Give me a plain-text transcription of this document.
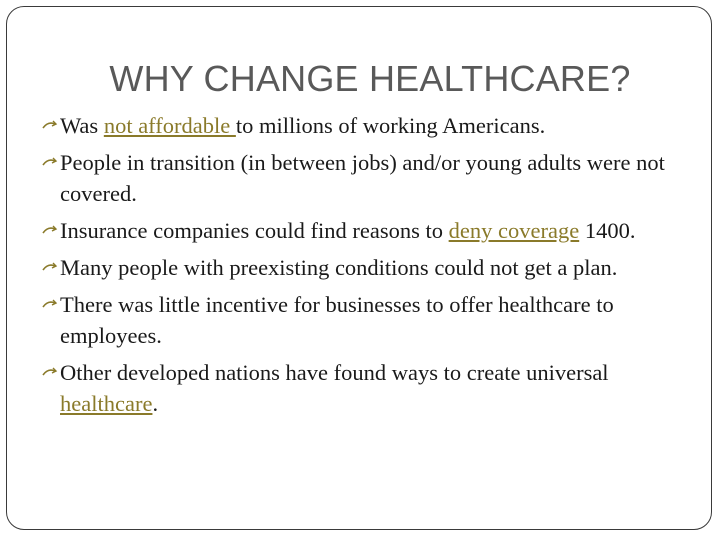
WHY CHANGE HEALTHCARE?
Was not affordable to millions of working Americans.
People in transition (in between jobs) and/or young adults were not covered.
Insurance companies could find reasons to deny coverage 1400.
Many people with preexisting conditions could not get a plan.
There was little incentive for businesses to offer healthcare to employees.
Other developed nations have found ways to create universal healthcare.
